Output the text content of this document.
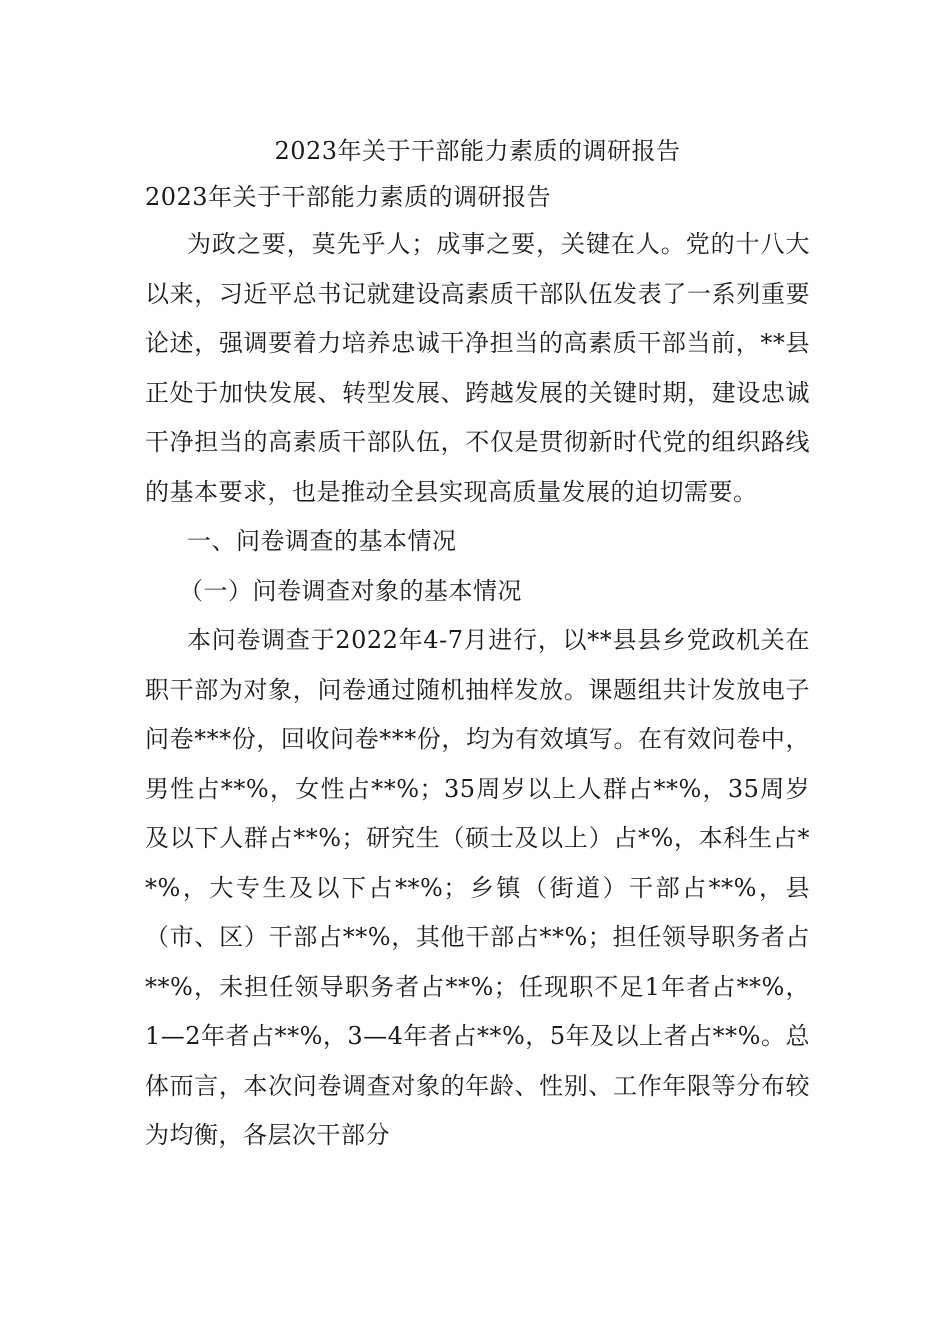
2023年关于干部能力素质的调研报告
2023年关于干部能力素质的调研报告

为政之要，莫先乎人；成事之要，关键在人。党的十八大以来，习近平总书记就建设高素质干部队伍发表了一系列重要论述，强调要着力培养忠诚干净担当的高素质干部当前，**县正处于加快发展、转型发展、跨越发展的关键时期，建设忠诚干净担当的高素质干部队伍，不仅是贯彻新时代党的组织路线的基本要求，也是推动全县实现高质量发展的迫切需要。

一、问卷调查的基本情况

（一）问卷调查对象的基本情况

本问卷调查于2022年4-7月进行，以**县县乡党政机关在职干部为对象，问卷通过随机抽样发放。课题组共计发放电子问卷***份，回收问卷***份，均为有效填写。在有效问卷中，男性占**%，女性占**%；35周岁以上人群占**%，35周岁及以下人群占**%；研究生（硕士及以上）占*%，本科生占**%，大专生及以下占**%；乡镇（街道）干部占**%，县（市、区）干部占**%，其他干部占**%；担任领导职务者占**%，未担任领导职务者占**%；任现职不足1年者占**%，1—2年者占**%，3—4年者占**%，5年及以上者占**%。总体而言，本次问卷调查对象的年龄、性别、工作年限等分布较为均衡，各层次干部分
